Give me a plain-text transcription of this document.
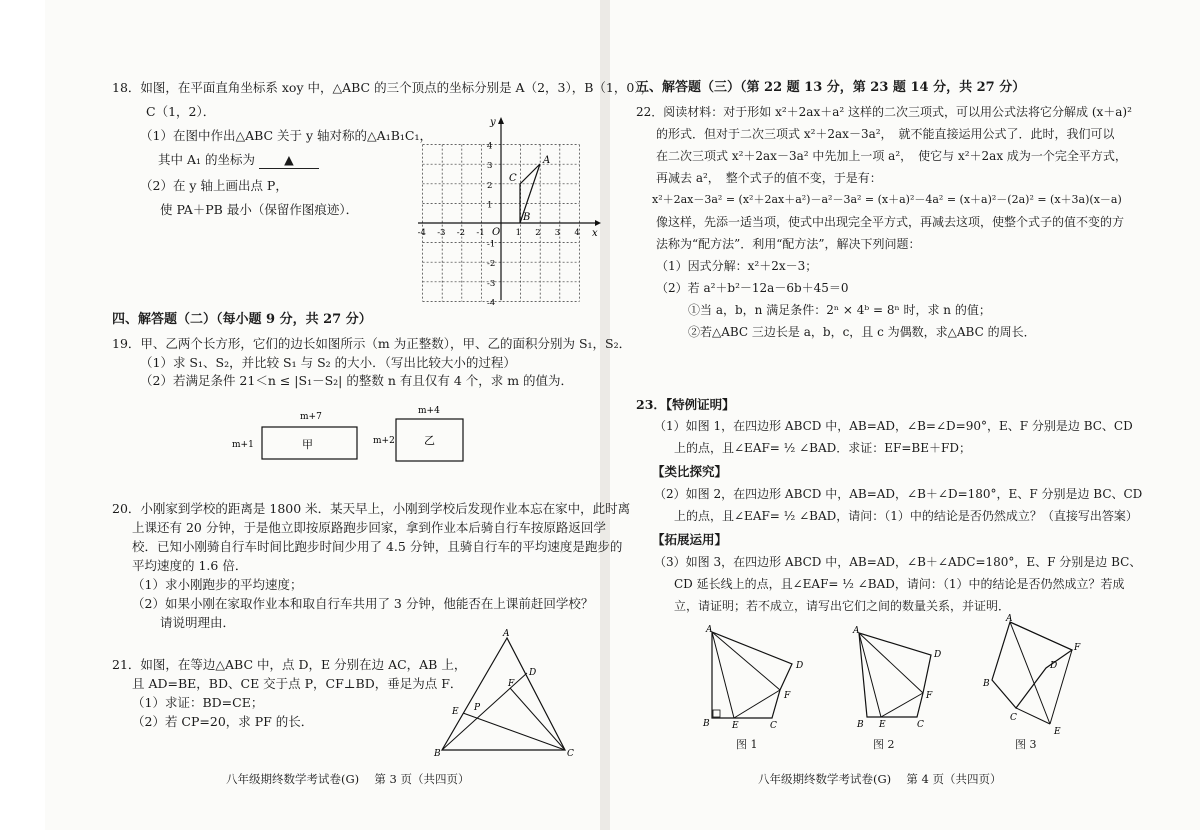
18．如图，在平面直角坐标系 xoy 中，△ABC 的三个顶点的坐标分别是 A（2，3），B（1，0），
C（1，2）．
（1）在图中作出△ABC 关于 y 轴对称的△A₁B₁C₁，
其中 A₁ 的坐标为 ▲
（2）在 y 轴上画出点 P，
使 PA＋PB 最小（保留作图痕迹）．
x
y
O
-4 -3 -2 -1	1 2 3 4
4
3
2
1
-1
-2
-3
-4
A
B
C
四、解答题（二）（每小题 9 分，共 27 分）
19．甲、乙两个长方形，它们的边长如图所示（m 为正整数），甲、乙的面积分别为 S₁，S₂．
（1）求 S₁、S₂，并比较 S₁ 与 S₂ 的大小．（写出比较大小的过程）
（2）若满足条件 21＜n ≤ |S₁－S₂| 的整数 n 有且仅有 4 个，求 m 的值为．
m+7
m+1	甲
m+4
m+2	乙
20．小刚家到学校的距离是 1800 米．某天早上，小刚到学校后发现作业本忘在家中，此时离
上课还有 20 分钟，于是他立即按原路跑步回家，拿到作业本后骑自行车按原路返回学
校．已知小刚骑自行车时间比跑步时间少用了 4.5 分钟，且骑自行车的平均速度是跑步的
平均速度的 1.6 倍．
（1）求小刚跑步的平均速度；
（2）如果小刚在家取作业本和取自行车共用了 3 分钟，他能否在上课前赶回学校？
请说明理由．
21．如图，在等边△ABC 中，点 D，E 分别在边 AC，AB 上，
且 AD=BE，BD、CE 交于点 P，CF⊥BD，垂足为点 F．
（1）求证：BD=CE；
（2）若 CP=20，求 PF 的长．
A
B	C
D
E
F
P
八年级期终数学考试卷(G)　 第 3 页（共四页）
五、解答题（三）（第 22 题 13 分，第 23 题 14 分，共 27 分）
22．阅读材料：对于形如 x²＋2ax＋a² 这样的二次三项式，可以用公式法将它分解成 (x＋a)²
的形式．但对于二次三项式 x²＋2ax－3a²，　就不能直接运用公式了．此时，我们可以
在二次三项式 x²＋2ax－3a² 中先加上一项 a²，　使它与 x²＋2ax 成为一个完全平方式，
再减去 a²，　整个式子的值不变，于是有：
x²＋2ax－3a² = (x²＋2ax＋a²)－a²－3a² = (x＋a)²－4a² = (x＋a)²－(2a)² = (x＋3a)(x－a)
像这样，先添一适当项，使式中出现完全平方式，再减去这项，使整个式子的值不变的方
法称为“配方法”．利用“配方法”，解决下列问题：
（1）因式分解：x²＋2x－3；
（2）若 a²＋b²－12a－6b＋45＝0
①当 a，b，n 满足条件：2ⁿ × 4ᵇ = 8ⁿ 时，求 n 的值；
②若△ABC 三边长是 a，b，c，且 c 为偶数，求△ABC 的周长．
23．【特例证明】
（1）如图 1，在四边形 ABCD 中，AB=AD，∠B=∠D=90°，E、F 分别是边 BC、CD
上的点，且∠EAF= ½ ∠BAD．求证：EF=BE＋FD；
【类比探究】
（2）如图 2，在四边形 ABCD 中，AB=AD，∠B＋∠D=180°，E、F 分别是边 BC、CD
上的点，且∠EAF= ½ ∠BAD，请问：（1）中的结论是否仍然成立？（直接写出答案）
【拓展运用】
（3）如图 3，在四边形 ABCD 中，AB=AD，∠B＋∠ADC=180°，E、F 分别是边 BC、
CD 延长线上的点，且∠EAF= ½ ∠BAD，请问：（1）中的结论是否仍然成立？若成
立，请证明；若不成立，请写出它们之间的数量关系，并证明．
A
B	C
D
E
F
图 1
A
B	C
D
E
F
图 2
A
B
C
D
E
F
图 3
八年级期终数学考试卷(G)　 第 4 页（共四页）
